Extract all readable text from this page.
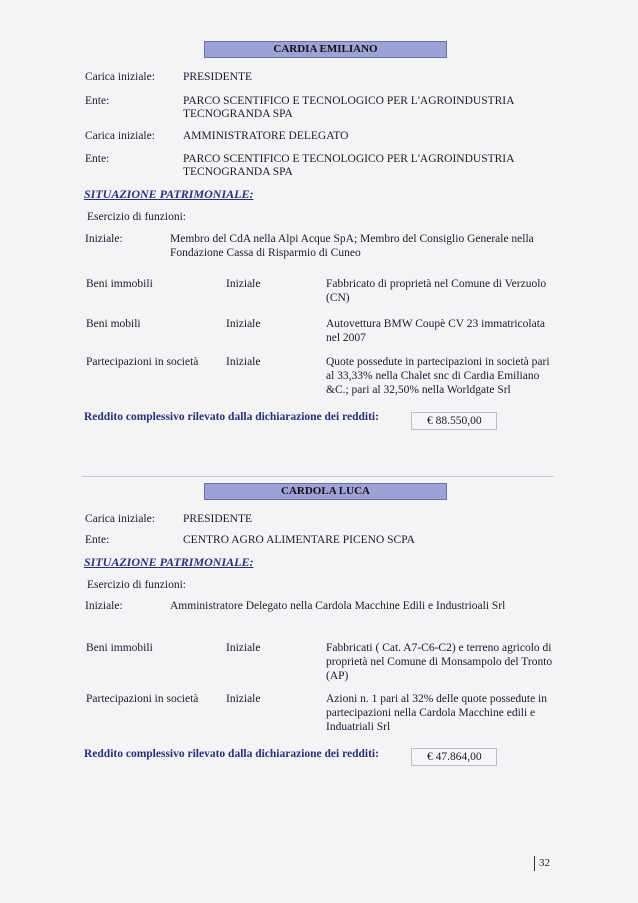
CARDIA EMILIANO
Carica iniziale: PRESIDENTE
Ente:	PARCO SCENTIFICO E TECNOLOGICO PER L'AGROINDUSTRIA
TECNOGRANDA SPA
Carica iniziale: AMMINISTRATORE DELEGATO
Ente:	PARCO SCENTIFICO E TECNOLOGICO PER L'AGROINDUSTRIA
TECNOGRANDA SPA
SITUAZIONE PATRIMONIALE:
Esercizio di funzioni:
Iniziale:	Membro del CdA nella Alpi Acque SpA; Membro del Consiglio Generale nella
Fondazione Cassa di Risparmio di Cuneo
Beni immobili	Iniziale	Fabbricato di proprietà nel Comune di Verzuolo
(CN)
Beni mobili	Iniziale	Autovettura BMW Coupè CV 23 immatricolata
nel 2007
Partecipazioni in società Iniziale	Quote possedute in partecipazioni in società pari
al 33,33% nella Chalet snc di Cardia Emiliano
&C.; pari al 32,50% nella Worldgate Srl
Reddito complessivo rilevato dalla dichiarazione dei redditi:	€ 88.550,00
CARDOLA LUCA
Carica iniziale: PRESIDENTE
Ente:	CENTRO AGRO ALIMENTARE PICENO SCPA
SITUAZIONE PATRIMONIALE:
Esercizio di funzioni:
Iniziale:	Amministratore Delegato nella Cardola Macchine Edili e Industrioali Srl
Beni immobili	Iniziale	Fabbricati ( Cat. A7-C6-C2) e terreno agricolo di
proprietà nel Comune di Monsampolo del Tronto
(AP)
Partecipazioni in società Iniziale	Azioni n. 1 pari al 32% delle quote possedute in
partecipazioni nella Cardola Macchine edili e
Induatriali Srl
Reddito complessivo rilevato dalla dichiarazione dei redditi:	€ 47.864,00
32
